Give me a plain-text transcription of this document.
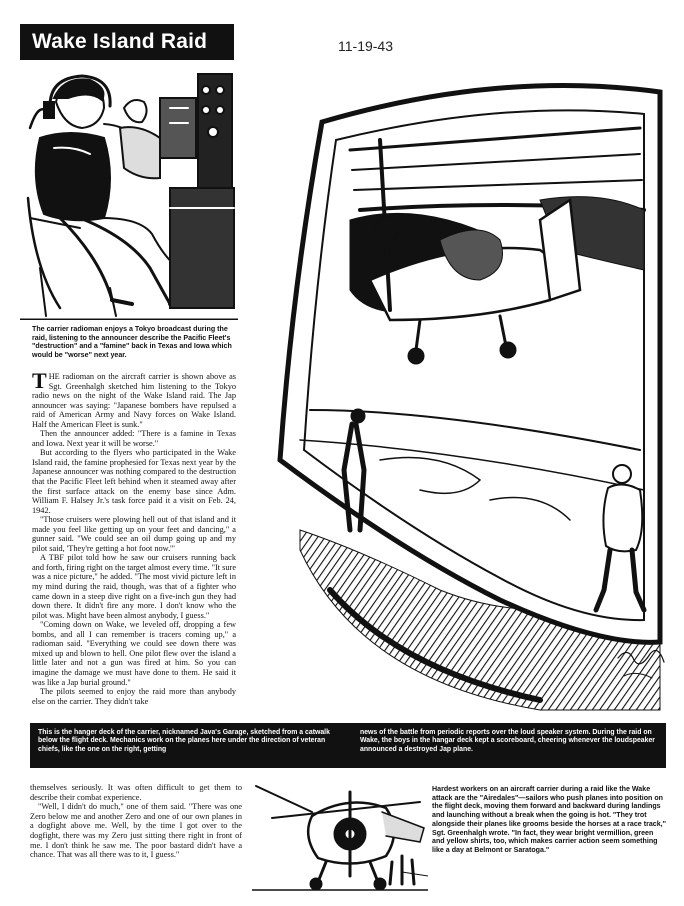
Wake Island Raid	11-19-43
The carrier radioman enjoys a Tokyo broadcast during the raid, listening to the announcer describe the Pacific Fleet's "destruction" and a "famine" back in Texas and Iowa which would be "worse" next year.

THE radioman on the aircraft carrier is shown above as Sgt. Greenhalgh sketched him listening to the Tokyo radio news on the night of the Wake Island raid. The Jap announcer was saying: "Japanese bombers have repulsed a raid of American Army and Navy forces on Wake Island. Half the American Fleet is sunk."

Then the announcer added: "There is a famine in Texas and Iowa. Next year it will be worse."

But according to the flyers who participated in the Wake Island raid, the famine prophesied for Texas next year by the Japanese announcer was nothing compared to the destruction that the Pacific Fleet left behind when it steamed away after the first surface attack on the enemy base since Adm. William F. Halsey Jr.'s task force paid it a visit on Feb. 24, 1942.

"Those cruisers were plowing hell out of that island and it made you feel like getting up on your feet and dancing," a gunner said. "We could see an oil dump going up and my pilot said, 'They're getting a hot foot now.'"

A TBF pilot told how he saw our cruisers running back and forth, firing right on the target almost every time. "It sure was a nice picture," he added. "The most vivid picture left in my mind during the raid, though, was that of a fighter who came down in a steep dive right on a five-inch gun they had down there. It didn't fire any more. I don't know who the pilot was. Might have been almost anybody, I guess."

"Coming down on Wake, we leveled off, dropping a few bombs, and all I can remember is tracers coming up," a radioman said. "Everything we could see down there was mixed up and blown to hell. One pilot flew over the island a little later and not a gun was fired at him. So you can imagine the damage we must have done to them. He said it was like a Jap burial ground."

The pilots seemed to enjoy the raid more than anybody else on the carrier. They didn't take

This is the hanger deck of the carrier, nicknamed Java's Garage, sketched from a catwalk below the flight deck. Mechanics work on the planes here under the direction of veteran chiefs, like the one on the right, getting
news of the battle from periodic reports over the loud speaker system. During the raid on Wake, the boys in the hangar deck kept a scoreboard, cheering whenever the loudspeaker announced a destroyed Jap plane.

themselves seriously. It was often difficult to get them to describe their combat experience.

"Well, I didn't do much," one of them said. "There was one Zero below me and another Zero and one of our own planes in a dogfight above me. Well, by the time I got over to the dogfight, there was my Zero just sitting there right in front of me. I don't think he saw me. The poor bastard didn't have a chance. That was all there was to it, I guess."

Hardest workers on an aircraft carrier during a raid like the Wake attack are the "Airedales"—sailors who push planes into position on the flight deck, moving them forward and backward during landings and launching without a break when the going is hot. "They trot alongside their planes like grooms beside the horses at a race track," Sgt. Greenhalgh wrote. "In fact, they wear bright vermillion, green and yellow shirts, too, which makes carrier action seem something like a day at Belmont or Saratoga."
